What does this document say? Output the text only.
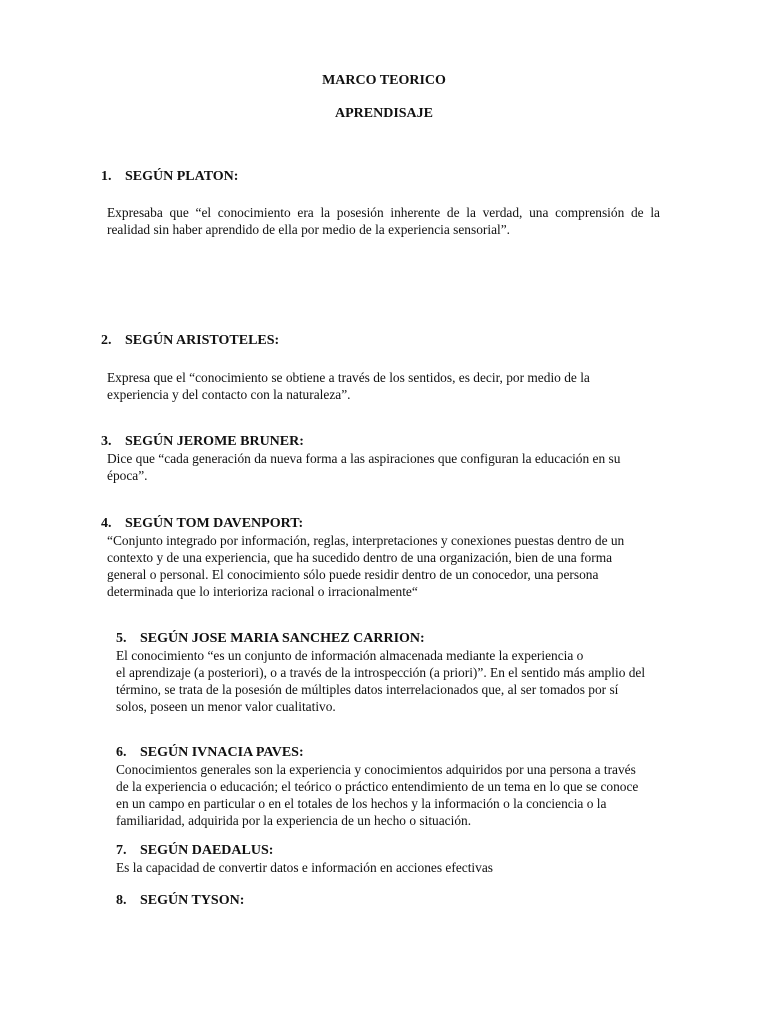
MARCO TEORICO
APRENDISAJE
1. SEGÚN PLATON:
Expresaba que “el conocimiento era la posesión inherente de la verdad, una comprensión de la
realidad sin haber aprendido de ella por medio de la experiencia sensorial”.
2. SEGÚN ARISTOTELES:
Expresa que el “conocimiento se obtiene a través de los sentidos, es decir, por medio de la
experiencia y del contacto con la naturaleza”.
3. SEGÚN JEROME BRUNER:
Dice que “cada generación da nueva forma a las aspiraciones que configuran la educación en su
época”.
4. SEGÚN TOM DAVENPORT:
“Conjunto integrado por información, reglas, interpretaciones y conexiones puestas dentro de un
contexto y de una experiencia, que ha sucedido dentro de una organización, bien de una forma
general o personal. El conocimiento sólo puede residir dentro de un conocedor, una persona
determinada que lo interioriza racional o irracionalmente“
5. SEGÚN JOSE MARIA SANCHEZ CARRION:
El conocimiento “es un conjunto de información almacenada mediante la experiencia o
el aprendizaje (a posteriori), o a través de la introspección (a priori)”. En el sentido más amplio del
término, se trata de la posesión de múltiples datos interrelacionados que, al ser tomados por sí
solos, poseen un menor valor cualitativo.
6. SEGÚN IVNACIA PAVES:
Conocimientos generales son la experiencia y conocimientos adquiridos por una persona a través
de la experiencia o educación; el teórico o práctico entendimiento de un tema en lo que se conoce
en un campo en particular o en el totales de los hechos y la información o la conciencia o la
familiaridad, adquirida por la experiencia de un hecho o situación.
7. SEGÚN DAEDALUS:
Es la capacidad de convertir datos e información en acciones efectivas
8. SEGÚN TYSON:
